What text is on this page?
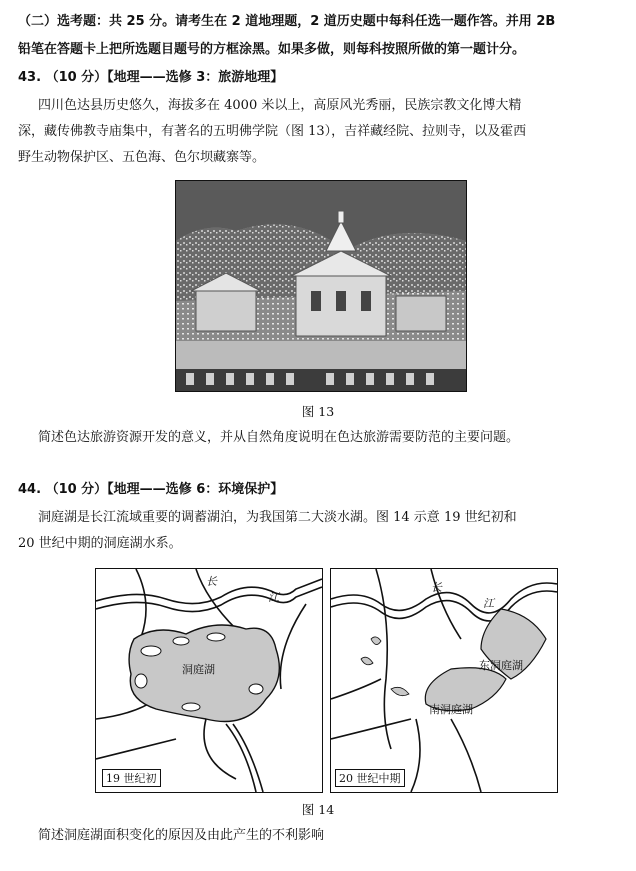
（二）选考题：共 25 分。请考生在 2 道地理题，2 道历史题中每科任选一题作答。并用 2B
铅笔在答题卡上把所选题目题号的方框涂黑。如果多做，则每科按照所做的第一题计分。
43. （10 分）【地理——选修 3：旅游地理】
四川色达县历史悠久，海拔多在 4000 米以上，高原风光秀丽，民族宗教文化博大精
深，藏传佛教寺庙集中，有著名的五明佛学院（图 13），吉祥藏经院、拉则寺，以及霍西
野生动物保护区、五色海、色尔坝藏寨等。
图 13
简述色达旅游资源开发的意义，并从自然角度说明在色达旅游需要防范的主要问题。
44. （10 分）【地理——选修 6：环境保护】
洞庭湖是长江流域重要的调蓄湖泊，为我国第二大淡水湖。图 14 示意 19 世纪初和
20 世纪中期的洞庭湖水系。
长
江
洞庭湖
19 世纪初
长
江
东洞庭湖
南洞庭湖
20 世纪中期
图 14
简述洞庭湖面积变化的原因及由此产生的不利影响
